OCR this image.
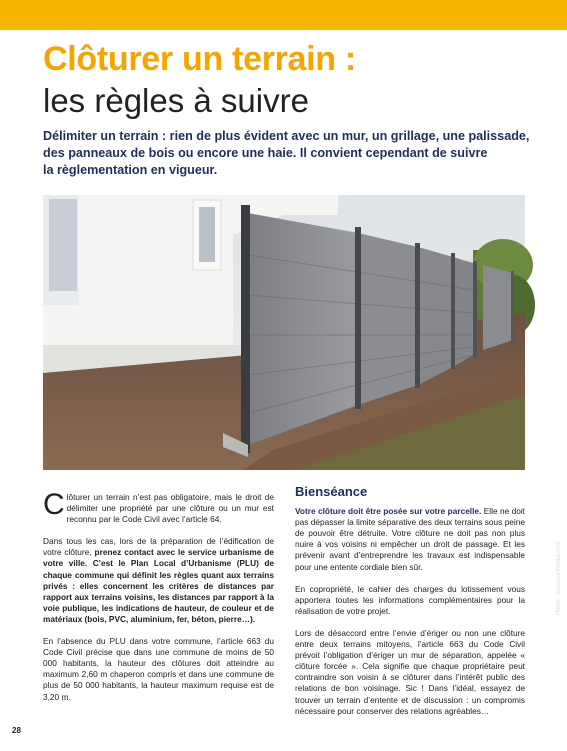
Clôturer un terrain :
les règles à suivre

Délimiter un terrain : rien de plus évident avec un mur, un grillage, une palissade,

des panneaux de bois ou encore une haie. Il convient cependant de suivre

la règlementation en vigueur.

Photo : ssbsalor/fotolia.com

Clôturer un terrain n’est pas obligatoire, mais le droit de délimiter une propriété par une clôture ou un mur est reconnu par le Code Civil avec l’article 64.

Dans tous les cas, lors de la préparation de l’édification de votre clôture, prenez contact avec le service urbanisme de votre ville. C’est le Plan Local d’Urbanisme (PLU) de chaque commune qui définit les règles quant aux terrains privés : elles concernent les critères de distances par rapport aux terrains voisins, les distances par rapport à la voie publique, les indications de hauteur, de couleur et de matériaux (bois, PVC, aluminium, fer, béton, pierre…).

En l’absence du PLU dans votre commune, l’article 663 du Code Civil précise que dans une commune de moins de 50 000 habitants, la hauteur des clôtures doit atteindre au maximum 2,60 m chaperon compris et dans une commune de plus de 50 000 habitants, la hauteur maximum requise est de 3,20 m.

Bienséance

Votre clôture doit être posée sur votre parcelle. Elle ne doit pas dépasser la limite séparative des deux terrains sous peine de pouvoir être détruite. Votre clôture ne doit pas non plus nuire à vos voisins ni empêcher un droit de passage. Et les prévenir avant d’entreprendre les travaux est indispensable pour une entente cordiale bien sûr.

En copropriété, le cahier des charges du lotissement vous apportera toutes les informations complémentaires pour la réalisation de votre projet.

Lors de désaccord entre l’envie d’ériger ou non une clôture entre deux terrains mitoyens, l’article 663 du Code Civil prévoit l’obligation d’ériger un mur de séparation, appelée « clôture forcée ». Cela signifie que chaque propriétaire peut contraindre son voisin à se clôturer dans l’intérêt public des relations de bon voisinage. Sic ! Dans l’idéal, essayez de trouver un terrain d’entente et de discussion : un compromis nécessaire pour conserver des relations agréables…

28
